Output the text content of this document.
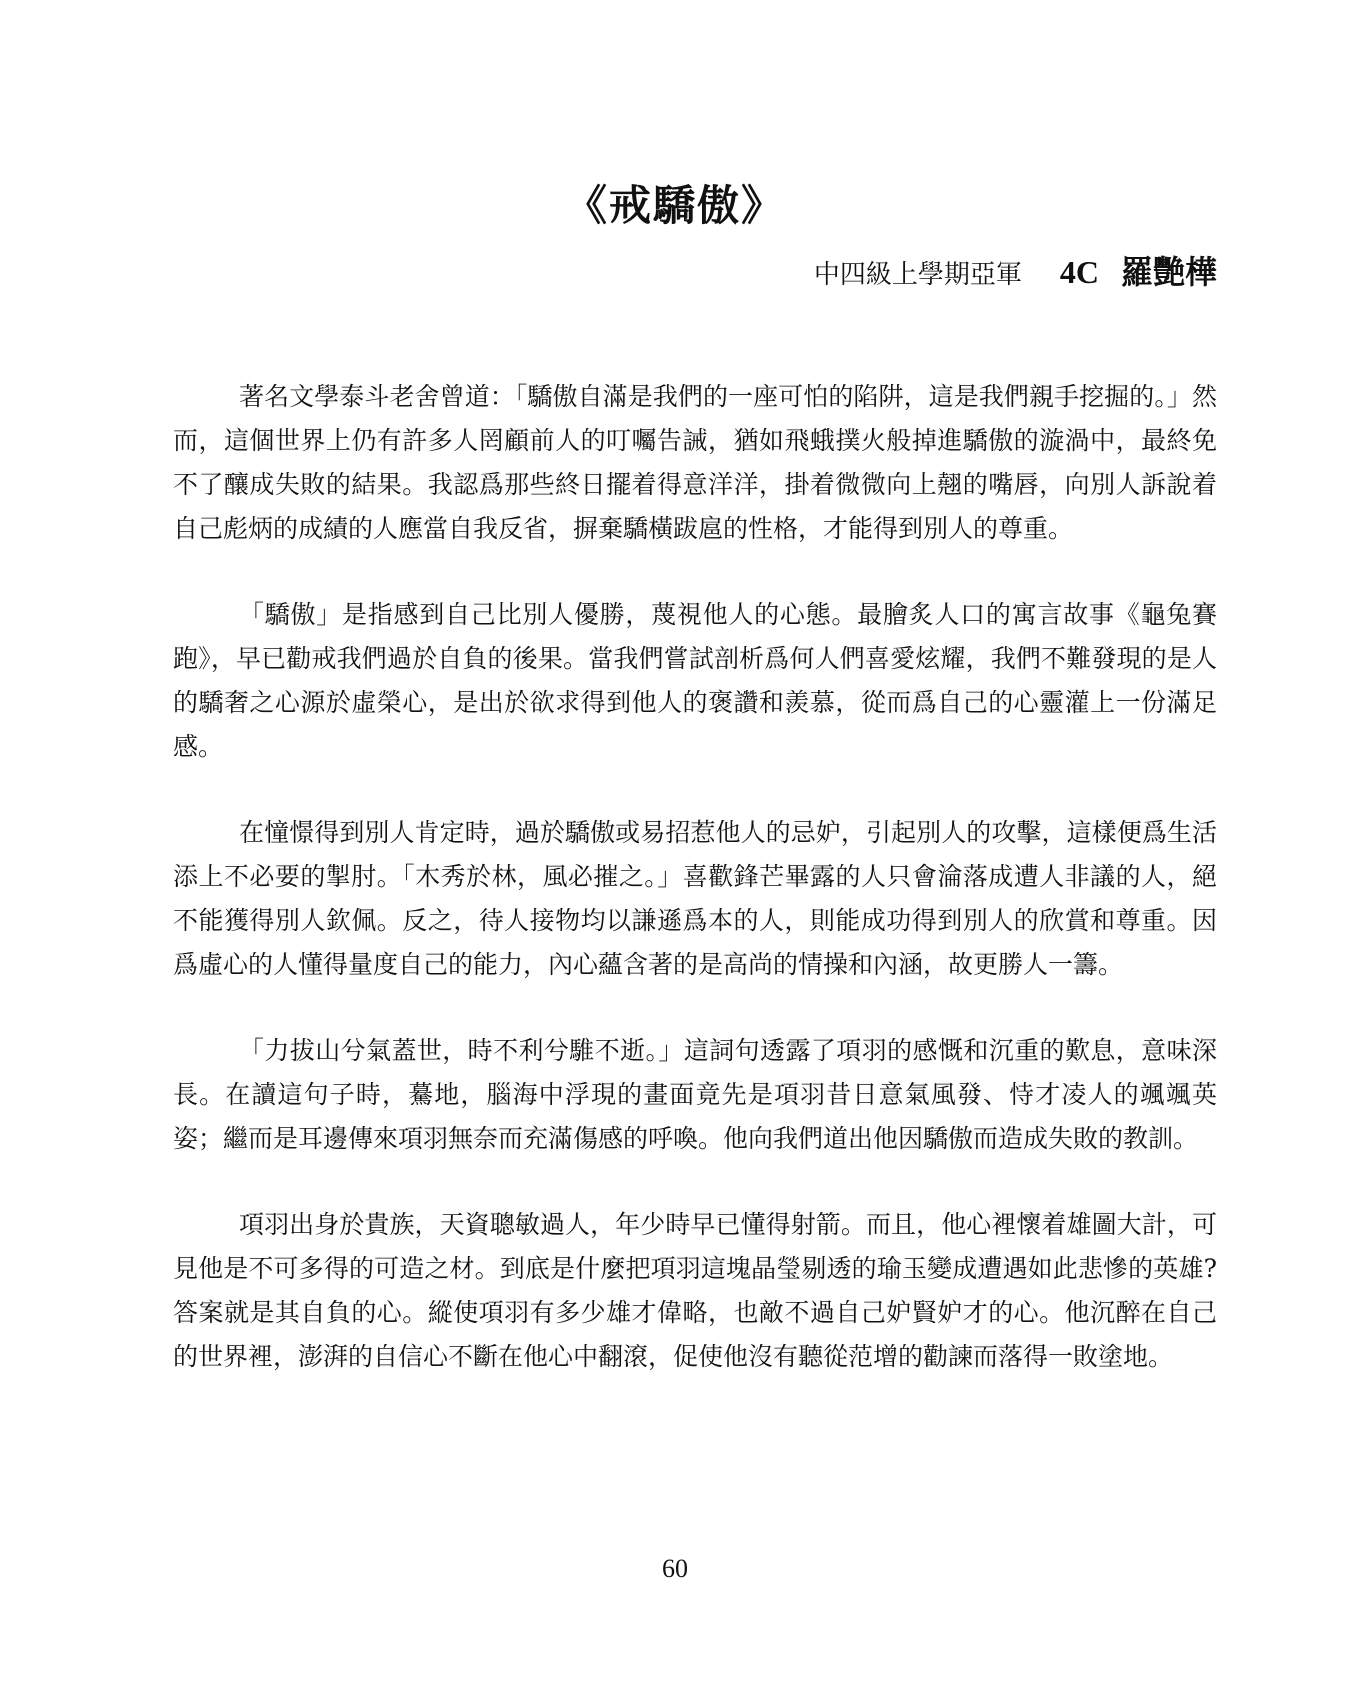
《戒驕傲》
中四級上學期亞軍 4C 羅艷樺

著名文學泰斗老舍曾道：「驕傲自滿是我們的一座可怕的陷阱，這是我們親手挖掘的。」然而，這個世界上仍有許多人罔顧前人的叮囑告誡，猶如飛蛾撲火般掉進驕傲的漩渦中，最終免不了釀成失敗的結果。我認爲那些終日擺着得意洋洋，掛着微微向上翹的嘴唇，向別人訴說着自己彪炳的成績的人應當自我反省，摒棄驕橫跋扈的性格，才能得到別人的尊重。

「驕傲」是指感到自己比別人優勝，蔑視他人的心態。最膾炙人口的寓言故事《龜兔賽跑》，早已勸戒我們過於自負的後果。當我們嘗試剖析爲何人們喜愛炫耀，我們不難發現的是人的驕奢之心源於虛榮心，是出於欲求得到他人的褒讚和羨慕，從而爲自己的心靈灌上一份滿足感。

在憧憬得到別人肯定時，過於驕傲或易招惹他人的忌妒，引起別人的攻擊，這樣便爲生活添上不必要的掣肘。「木秀於林，風必摧之。」喜歡鋒芒畢露的人只會淪落成遭人非議的人，絕不能獲得別人欽佩。反之，待人接物均以謙遜爲本的人，則能成功得到別人的欣賞和尊重。因爲虛心的人懂得量度自己的能力，內心蘊含著的是高尚的情操和內涵，故更勝人一籌。

「力拔山兮氣蓋世，時不利兮騅不逝。」這詞句透露了項羽的感慨和沉重的歎息，意味深長。在讀這句子時，驀地，腦海中浮現的畫面竟先是項羽昔日意氣風發、恃才凌人的颯颯英姿；繼而是耳邊傳來項羽無奈而充滿傷感的呼喚。他向我們道出他因驕傲而造成失敗的教訓。

項羽出身於貴族，天資聰敏過人，年少時早已懂得射箭。而且，他心裡懷着雄圖大計，可見他是不可多得的可造之材。到底是什麼把項羽這塊晶瑩剔透的瑜玉變成遭遇如此悲慘的英雄?答案就是其自負的心。縱使項羽有多少雄才偉略，也敵不過自己妒賢妒才的心。他沉醉在自己的世界裡，澎湃的自信心不斷在他心中翻滾，促使他沒有聽從范增的勸諫而落得一敗塗地。

60
